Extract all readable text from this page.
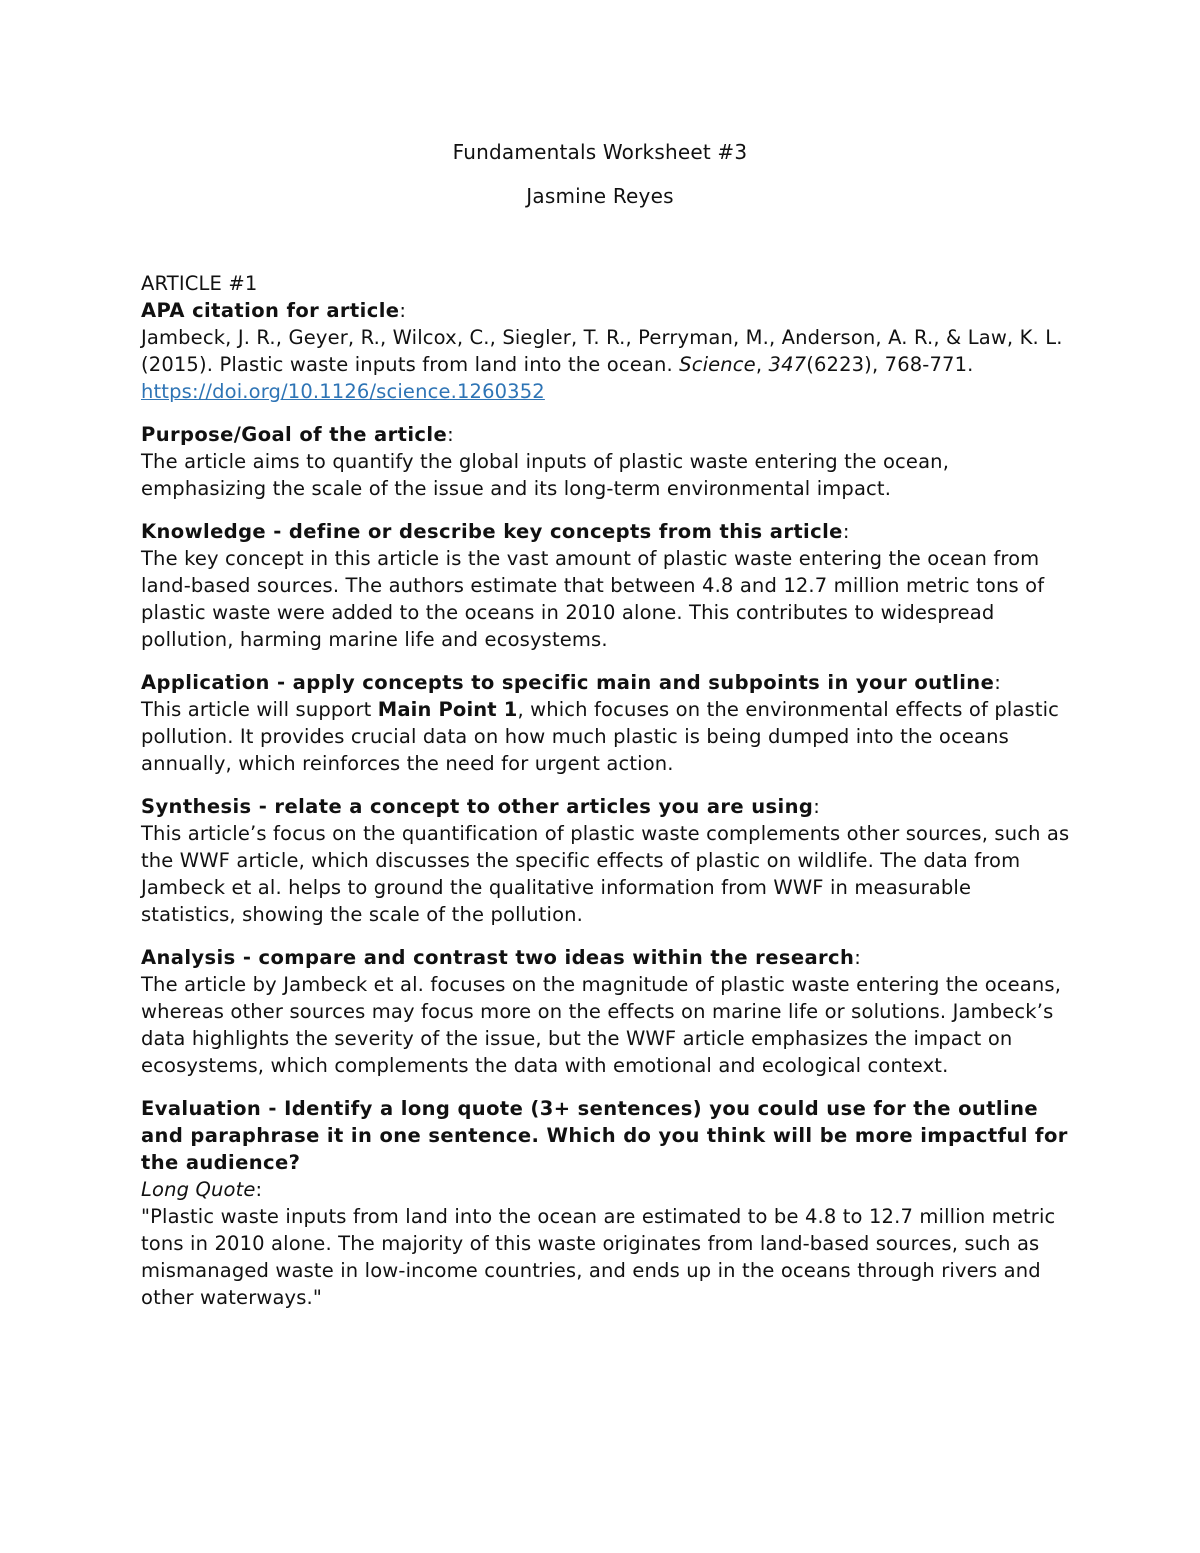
Fundamentals Worksheet #3
Jasmine Reyes

ARTICLE #1

APA citation for article:

Jambeck, J. R., Geyer, R., Wilcox, C., Siegler, T. R., Perryman, M., Anderson, A. R., & Law, K. L. (2015). Plastic waste inputs from land into the ocean. Science, 347(6223), 768-771. https://doi.org/10.1126/science.1260352

Purpose/Goal of the article:

The article aims to quantify the global inputs of plastic waste entering the ocean, emphasizing the scale of the issue and its long-term environmental impact.

Knowledge - define or describe key concepts from this article:

The key concept in this article is the vast amount of plastic waste entering the ocean from land-based sources. The authors estimate that between 4.8 and 12.7 million metric tons of plastic waste were added to the oceans in 2010 alone. This contributes to widespread pollution, harming marine life and ecosystems.

Application - apply concepts to specific main and subpoints in your outline:

This article will support Main Point 1, which focuses on the environmental effects of plastic pollution. It provides crucial data on how much plastic is being dumped into the oceans annually, which reinforces the need for urgent action.

Synthesis - relate a concept to other articles you are using:

This article’s focus on the quantification of plastic waste complements other sources, such as the WWF article, which discusses the specific effects of plastic on wildlife. The data from Jambeck et al. helps to ground the qualitative information from WWF in measurable statistics, showing the scale of the pollution.

Analysis - compare and contrast two ideas within the research:

The article by Jambeck et al. focuses on the magnitude of plastic waste entering the oceans, whereas other sources may focus more on the effects on marine life or solutions. Jambeck’s data highlights the severity of the issue, but the WWF article emphasizes the impact on ecosystems, which complements the data with emotional and ecological context.

Evaluation - Identify a long quote (3+ sentences) you could use for the outline and paraphrase it in one sentence. Which do you think will be more impactful for the audience?

Long Quote:

"Plastic waste inputs from land into the ocean are estimated to be 4.8 to 12.7 million metric tons in 2010 alone. The majority of this waste originates from land-based sources, such as mismanaged waste in low-income countries, and ends up in the oceans through rivers and other waterways."
